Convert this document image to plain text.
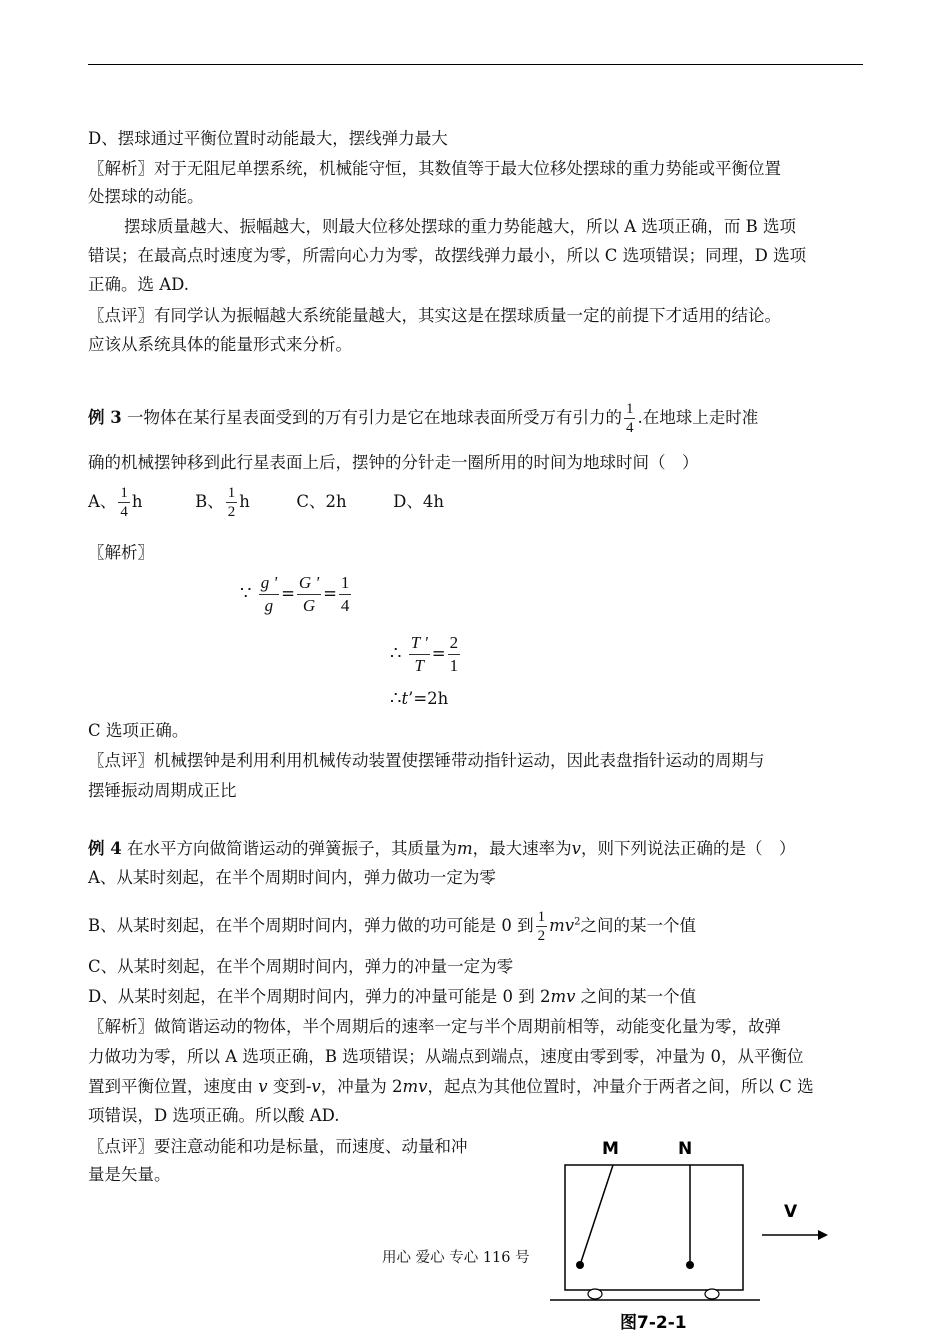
D、摆球通过平衡位置时动能最大，摆线弹力最大
〖解析〗对于无阻尼单摆系统，机械能守恒，其数值等于最大位移处摆球的重力势能或平衡位置
处摆球的动能。
摆球质量越大、振幅越大，则最大位移处摆球的重力势能越大，所以 A 选项正确，而 B 选项
错误；在最高点时速度为零，所需向心力为零，故摆线弹力最小，所以 C 选项错误；同理，D 选项
正确。选 AD.
〖点评〗有同学认为振幅越大系统能量越大，其实这是在摆球质量一定的前提下才适用的结论。
应该从系统具体的能量形式来分析。
例 3 一物体在某行星表面受到的万有引力是它在地球表面所受万有引力的 $\frac{1}{4}$ .在地球上走时准
确的机械摆钟移到此行星表面上后，摆钟的分针走一圈所用的时间为地球时间（　）
A、 $\frac{1}{4}$ h	B、 $\frac{1}{2}$ h	C、2h	D、4h
〖解析〗
∵ $\frac{g '}{g} = \frac{G '}{G} = \frac{1}{4}$
∴ $\frac{T '}{T} = \frac{2}{1}$
∴t’=2h
C 选项正确。
〖点评〗机械摆钟是利用利用机械传动装置使摆锤带动指针运动，因此表盘指针运动的周期与
摆锤振动周期成正比
例 4 在水平方向做简谐运动的弹簧振子，其质量为m，最大速率为v，则下列说法正确的是（　）
A、从某时刻起，在半个周期时间内，弹力做功一定为零
B、从某时刻起，在半个周期时间内，弹力做的功可能是 0 到 $\frac{1}{2} mv^2$之间的某一个值
C、从某时刻起，在半个周期时间内，弹力的冲量一定为零
D、从某时刻起，在半个周期时间内，弹力的冲量可能是 0 到 2mv 之间的某一个值
〖解析〗做简谐运动的物体，半个周期后的速率一定与半个周期前相等，动能变化量为零，故弹
力做功为零，所以 A 选项正确，B 选项错误；从端点到端点，速度由零到零，冲量为 0，从平衡位
置到平衡位置，速度由 v 变到-v，冲量为 2mv，起点为其他位置时，冲量介于两者之间，所以 C 选
项错误，D 选项正确。所以酸 AD.
〖点评〗要注意动能和功是标量，而速度、动量和冲
量是矢量。
用心 爱心 专心 116 号
M	N
V
图7-2-1
